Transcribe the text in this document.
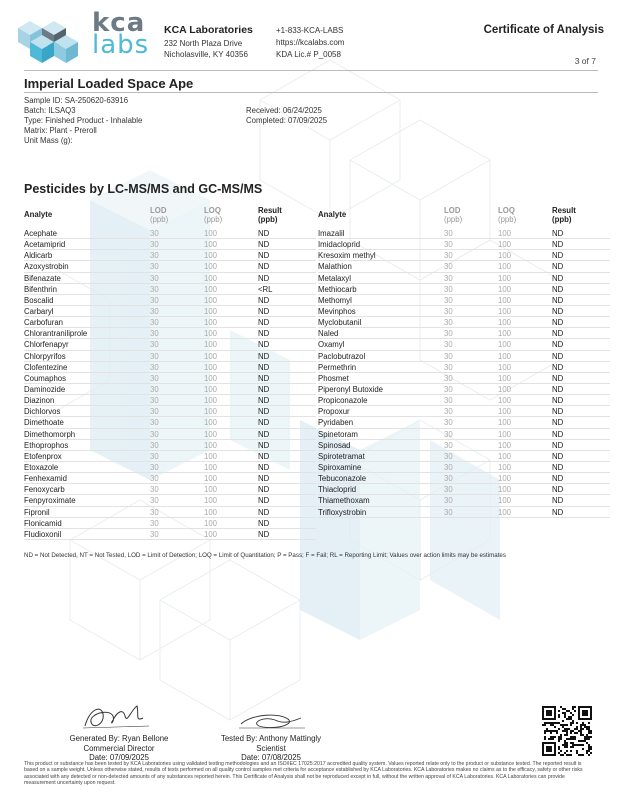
kca
labs KCA Laboratories
232 North Plaza Drive
Nicholasville, KY 40356
+1-833-KCA-LABS
https://kcalabs.com
KDA Lic.# P_0058
Certificate of Analysis
3 of 7
Imperial Loaded Space Ape
Sample ID: SA-250620-63916
Batch: ILSAQ3
Type: Finished Product - Inhalable
Matrix: Plant - Preroll
Unit Mass (g):
Received: 06/24/2025
Completed: 07/09/2025
Pesticides by LC-MS/MS and GC-MS/MS
Analyte	LOD
(ppb)
LOQ
(ppb)
Result
(ppb)
Acephate	30	100	ND
Acetamiprid	30	100	ND
Aldicarb	30	100	ND
Azoxystrobin	30	100	ND
Bifenazate	30	100	ND
Bifenthrin	30	100	<RL
Boscalid	30	100	ND
Carbaryl	30	100	ND
Carbofuran	30	100	ND
Chlorantraniliprole	30	100	ND
Chlorfenapyr	30	100	ND
Chlorpyrifos	30	100	ND
Clofentezine	30	100	ND
Coumaphos	30	100	ND
Daminozide	30	100	ND
Diazinon	30	100	ND
Dichlorvos	30	100	ND
Dimethoate	30	100	ND
Dimethomorph	30	100	ND
Ethoprophos	30	100	ND
Etofenprox	30	100	ND
Etoxazole	30	100	ND
Fenhexamid	30	100	ND
Fenoxycarb	30	100	ND
Fenpyroximate	30	100	ND
Fipronil	30	100	ND
Flonicamid	30	100	ND
Fludioxonil	30	100	ND
Analyte	LOD
(ppb)
LOQ
(ppb)
Result
(ppb)
Imazalil	30	100	ND
Imidacloprid	30	100	ND
Kresoxim methyl	30	100	ND
Malathion	30	100	ND
Metalaxyl	30	100	ND
Methiocarb	30	100	ND
Methomyl	30	100	ND
Mevinphos	30	100	ND
Myclobutanil	30	100	ND
Naled	30	100	ND
Oxamyl	30	100	ND
Paclobutrazol	30	100	ND
Permethrin	30	100	ND
Phosmet	30	100	ND
Piperonyl Butoxide	30	100	ND
Propiconazole	30	100	ND
Propoxur	30	100	ND
Pyridaben	30	100	ND
Spinetoram	30	100	ND
Spinosad	30	100	ND
Spirotetramat	30	100	ND
Spiroxamine	30	100	ND
Tebuconazole	30	100	ND
Thiacloprid	30	100	ND
Thiamethoxam	30	100	ND
Trifloxystrobin	30	100	ND
ND = Not Detected, NT = Not Tested, LOD = Limit of Detection; LOQ = Limit of Quantitation; P = Pass; F = Fail; RL = Reporting Limit; Values over action limits may be estimates
Generated By: Ryan Bellone
Commercial Director
Date: 07/09/2025
Tested By: Anthony Mattingly
Scientist
Date: 07/08/2025
This product or substance has been tested by KCA Laboratories using validated testing methodologies and an ISO/IEC 17025:2017 accredited quality system. Values reported relate only to the product or substance tested. The reported result is based on a sample weight. Unless otherwise stated, results of tests performed on all quality control samples met criteria for acceptance established by KCA Laboratories. KCA Laboratories makes no claims as to the efficacy, safety or other risks associated with any detected or non-detected amounts of any substances reported herein. This Certificate of Analysis shall not be reproduced except in full, without the written approval of KCA Laboratories. KCA Laboratories can provide measurement uncertainty upon request.
